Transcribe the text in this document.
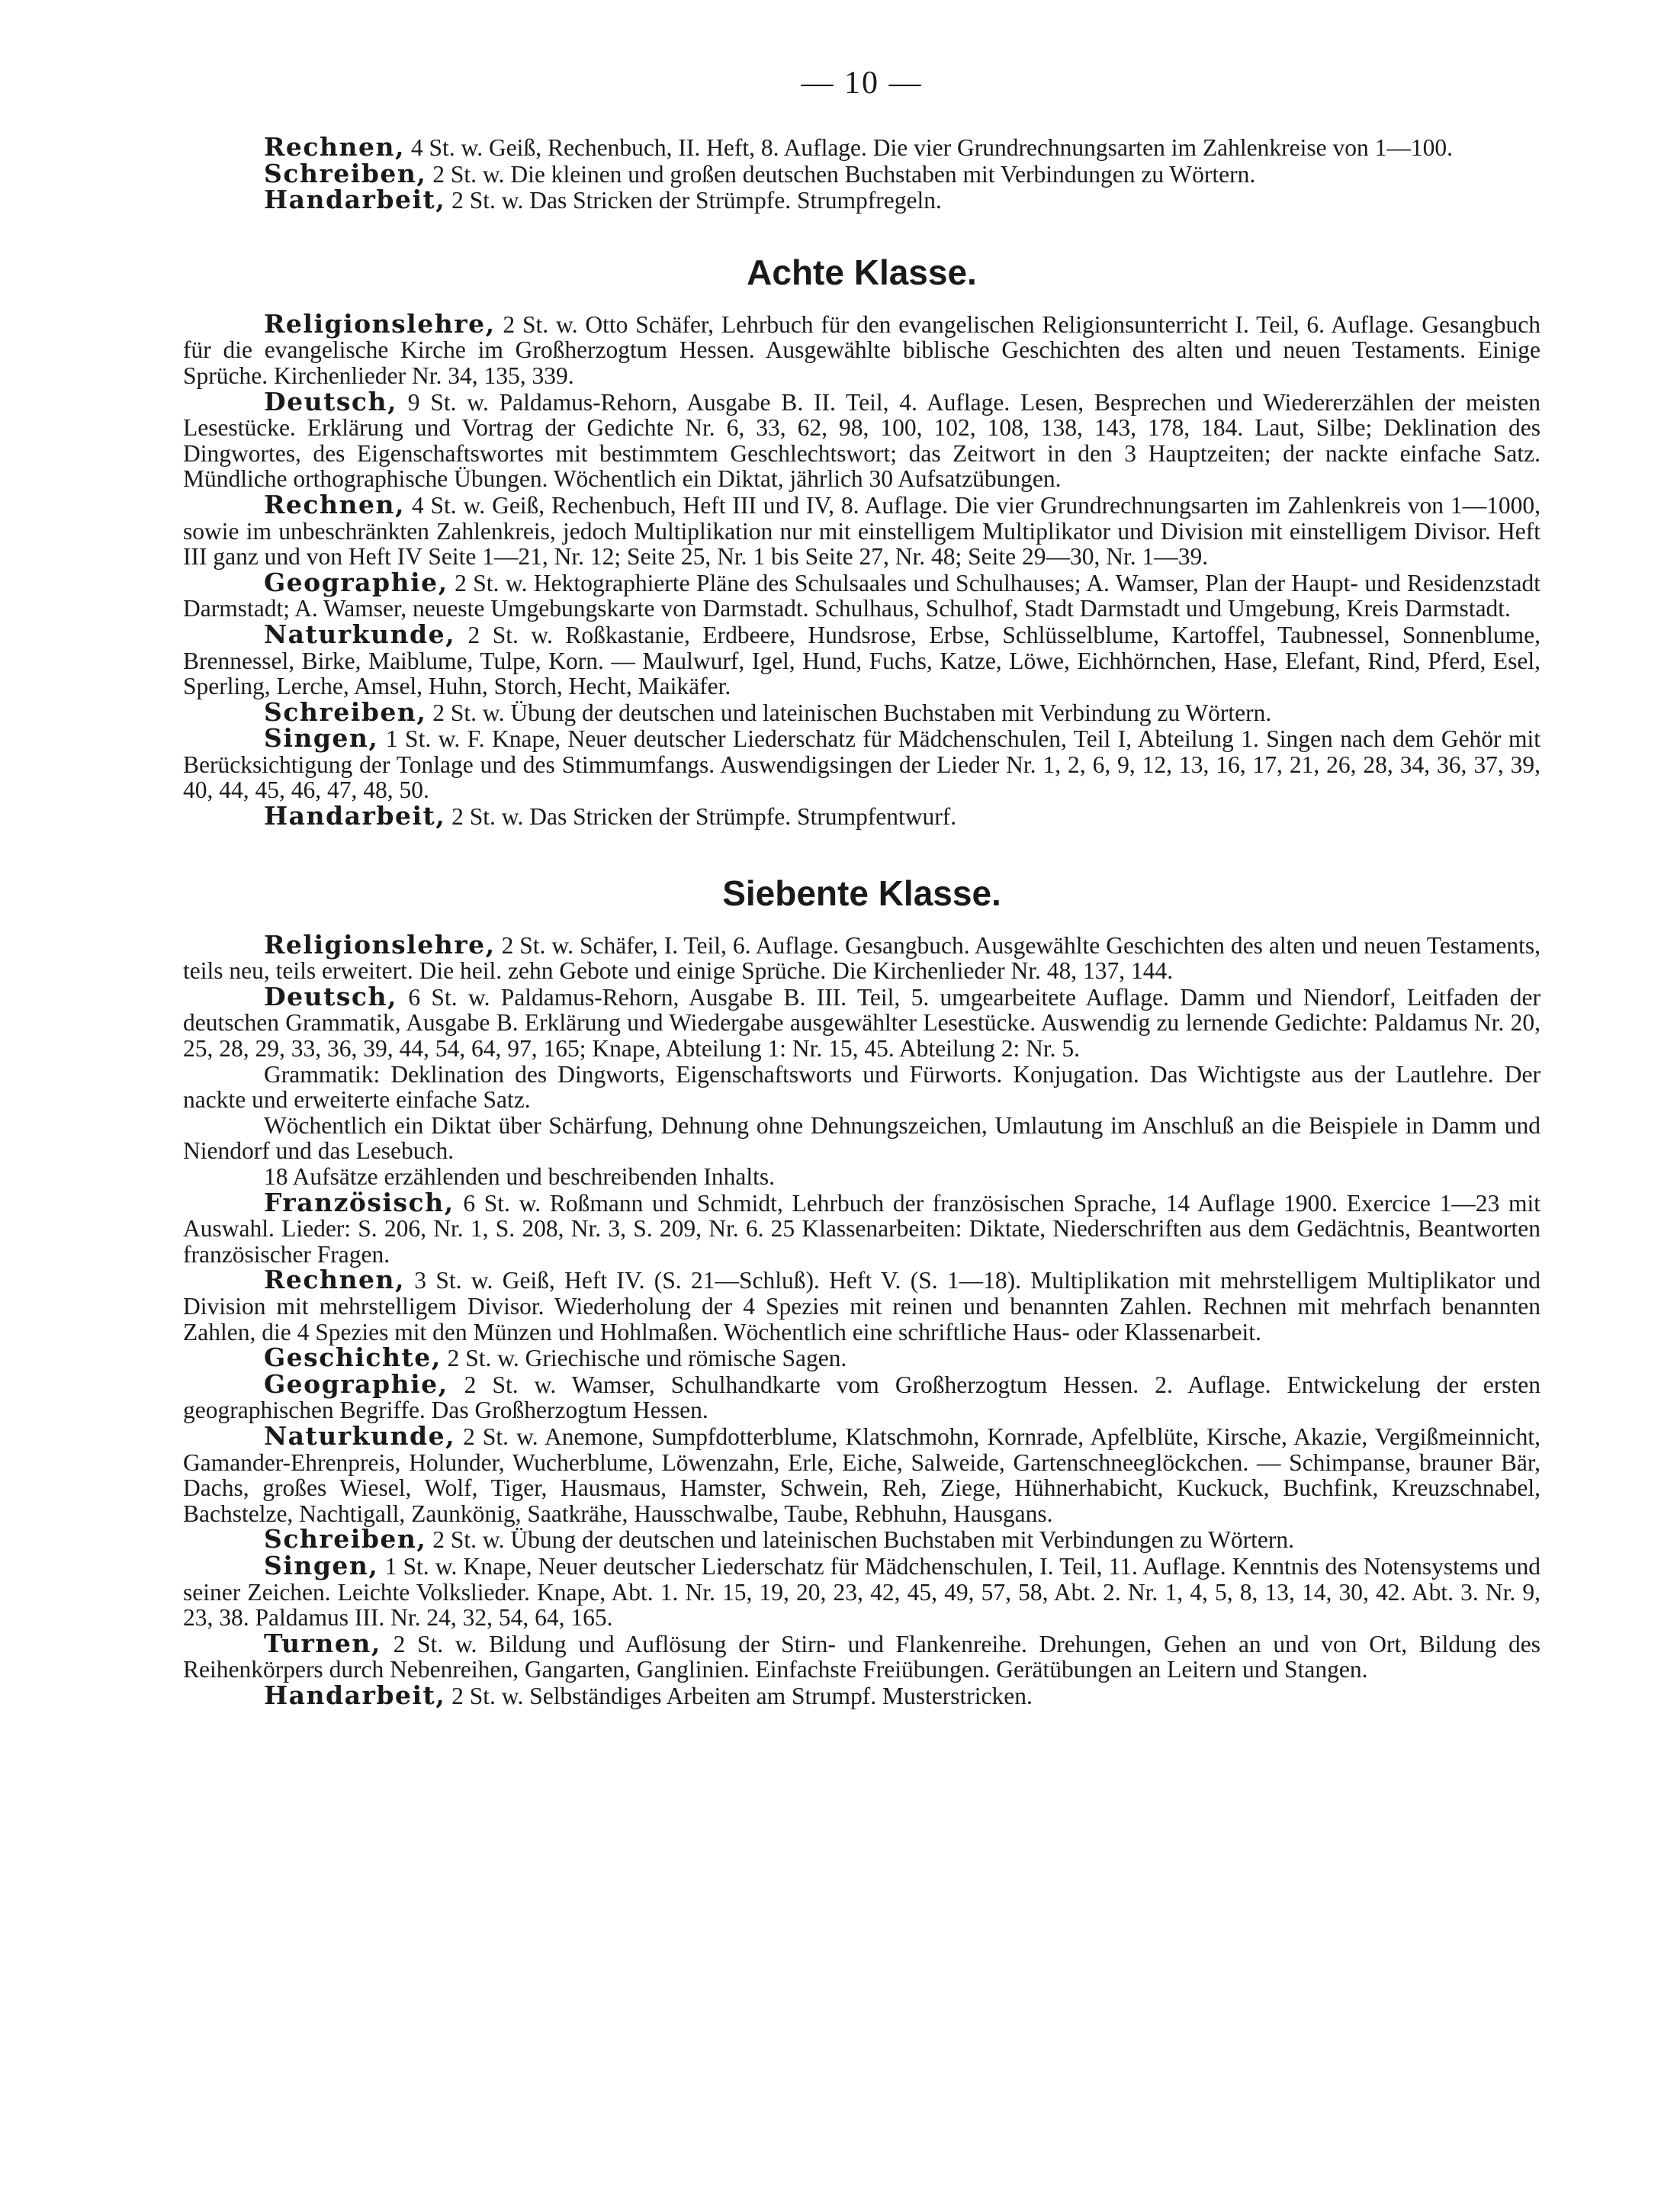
— 10 —

Rechnen, 4 St. w. Geiß, Rechenbuch, II. Heft, 8. Auflage. Die vier Grundrechnungsarten im Zahlenkreise von 1—100.

Schreiben, 2 St. w. Die kleinen und großen deutschen Buchstaben mit Verbindungen zu Wörtern.

Handarbeit, 2 St. w. Das Stricken der Strümpfe. Strumpfregeln.

Achte Klasse.

Religionslehre, 2 St. w. Otto Schäfer, Lehrbuch für den evangelischen Religionsunterricht I. Teil, 6. Auflage. Gesangbuch für die evangelische Kirche im Großherzogtum Hessen. Ausgewählte biblische Geschichten des alten und neuen Testaments. Einige Sprüche. Kirchenlieder Nr. 34, 135, 339.

Deutsch, 9 St. w. Paldamus-Rehorn, Ausgabe B. II. Teil, 4. Auflage. Lesen, Besprechen und Wiedererzählen der meisten Lesestücke. Erklärung und Vortrag der Gedichte Nr. 6, 33, 62, 98, 100, 102, 108, 138, 143, 178, 184. Laut, Silbe; Deklination des Dingwortes, des Eigenschaftswortes mit bestimmtem Geschlechtswort; das Zeitwort in den 3 Hauptzeiten; der nackte einfache Satz. Mündliche orthographische Übungen. Wöchentlich ein Diktat, jährlich 30 Aufsatzübungen.

Rechnen, 4 St. w. Geiß, Rechenbuch, Heft III und IV, 8. Auflage. Die vier Grundrechnungsarten im Zahlenkreis von 1—1000, sowie im unbeschränkten Zahlenkreis, jedoch Multiplikation nur mit einstelligem Multiplikator und Division mit einstelligem Divisor. Heft III ganz und von Heft IV Seite 1—21, Nr. 12; Seite 25, Nr. 1 bis Seite 27, Nr. 48; Seite 29—30, Nr. 1—39.

Geographie, 2 St. w. Hektographierte Pläne des Schulsaales und Schulhauses; A. Wamser, Plan der Haupt- und Residenzstadt Darmstadt; A. Wamser, neueste Umgebungskarte von Darmstadt. Schulhaus, Schulhof, Stadt Darmstadt und Umgebung, Kreis Darmstadt.

Naturkunde, 2 St. w. Roßkastanie, Erdbeere, Hundsrose, Erbse, Schlüsselblume, Kartoffel, Taubnessel, Sonnenblume, Brennessel, Birke, Maiblume, Tulpe, Korn. — Maulwurf, Igel, Hund, Fuchs, Katze, Löwe, Eichhörnchen, Hase, Elefant, Rind, Pferd, Esel, Sperling, Lerche, Amsel, Huhn, Storch, Hecht, Maikäfer.

Schreiben, 2 St. w. Übung der deutschen und lateinischen Buchstaben mit Verbindung zu Wörtern.

Singen, 1 St. w. F. Knape, Neuer deutscher Liederschatz für Mädchenschulen, Teil I, Abteilung 1. Singen nach dem Gehör mit Berücksichtigung der Tonlage und des Stimmumfangs. Auswendigsingen der Lieder Nr. 1, 2, 6, 9, 12, 13, 16, 17, 21, 26, 28, 34, 36, 37, 39, 40, 44, 45, 46, 47, 48, 50.

Handarbeit, 2 St. w. Das Stricken der Strümpfe. Strumpfentwurf.

Siebente Klasse.

Religionslehre, 2 St. w. Schäfer, I. Teil, 6. Auflage. Gesangbuch. Ausgewählte Geschichten des alten und neuen Testaments, teils neu, teils erweitert. Die heil. zehn Gebote und einige Sprüche. Die Kirchenlieder Nr. 48, 137, 144.

Deutsch, 6 St. w. Paldamus-Rehorn, Ausgabe B. III. Teil, 5. umgearbeitete Auflage. Damm und Niendorf, Leitfaden der deutschen Grammatik, Ausgabe B. Erklärung und Wiedergabe ausgewählter Lesestücke. Auswendig zu lernende Gedichte: Paldamus Nr. 20, 25, 28, 29, 33, 36, 39, 44, 54, 64, 97, 165; Knape, Abteilung 1: Nr. 15, 45. Abteilung 2: Nr. 5.

Grammatik: Deklination des Dingworts, Eigenschaftsworts und Fürworts. Konjugation. Das Wichtigste aus der Lautlehre. Der nackte und erweiterte einfache Satz.

Wöchentlich ein Diktat über Schärfung, Dehnung ohne Dehnungszeichen, Umlautung im Anschluß an die Beispiele in Damm und Niendorf und das Lesebuch.

18 Aufsätze erzählenden und beschreibenden Inhalts.

Französisch, 6 St. w. Roßmann und Schmidt, Lehrbuch der französischen Sprache, 14 Auflage 1900. Exercice 1—23 mit Auswahl. Lieder: S. 206, Nr. 1, S. 208, Nr. 3, S. 209, Nr. 6. 25 Klassenarbeiten: Diktate, Niederschriften aus dem Gedächtnis, Beantworten französischer Fragen.

Rechnen, 3 St. w. Geiß, Heft IV. (S. 21—Schluß). Heft V. (S. 1—18). Multiplikation mit mehrstelligem Multiplikator und Division mit mehrstelligem Divisor. Wiederholung der 4 Spezies mit reinen und benannten Zahlen. Rechnen mit mehrfach benannten Zahlen, die 4 Spezies mit den Münzen und Hohlmaßen. Wöchentlich eine schriftliche Haus- oder Klassenarbeit.

Geschichte, 2 St. w. Griechische und römische Sagen.

Geographie, 2 St. w. Wamser, Schulhandkarte vom Großherzogtum Hessen. 2. Auflage. Entwickelung der ersten geographischen Begriffe. Das Großherzogtum Hessen.

Naturkunde, 2 St. w. Anemone, Sumpfdotterblume, Klatschmohn, Kornrade, Apfelblüte, Kirsche, Akazie, Vergißmeinnicht, Gamander-Ehrenpreis, Holunder, Wucherblume, Löwenzahn, Erle, Eiche, Salweide, Gartenschneeglöckchen. — Schimpanse, brauner Bär, Dachs, großes Wiesel, Wolf, Tiger, Hausmaus, Hamster, Schwein, Reh, Ziege, Hühnerhabicht, Kuckuck, Buchfink, Kreuzschnabel, Bachstelze, Nachtigall, Zaunkönig, Saatkrähe, Hausschwalbe, Taube, Rebhuhn, Hausgans.

Schreiben, 2 St. w. Übung der deutschen und lateinischen Buchstaben mit Verbindungen zu Wörtern.

Singen, 1 St. w. Knape, Neuer deutscher Liederschatz für Mädchenschulen, I. Teil, 11. Auflage. Kenntnis des Notensystems und seiner Zeichen. Leichte Volkslieder. Knape, Abt. 1. Nr. 15, 19, 20, 23, 42, 45, 49, 57, 58, Abt. 2. Nr. 1, 4, 5, 8, 13, 14, 30, 42. Abt. 3. Nr. 9, 23, 38. Paldamus III. Nr. 24, 32, 54, 64, 165.

Turnen, 2 St. w. Bildung und Auflösung der Stirn- und Flankenreihe. Drehungen, Gehen an und von Ort, Bildung des Reihenkörpers durch Nebenreihen, Gangarten, Ganglinien. Einfachste Freiübungen. Gerätübungen an Leitern und Stangen.

Handarbeit, 2 St. w. Selbständiges Arbeiten am Strumpf. Musterstricken.
